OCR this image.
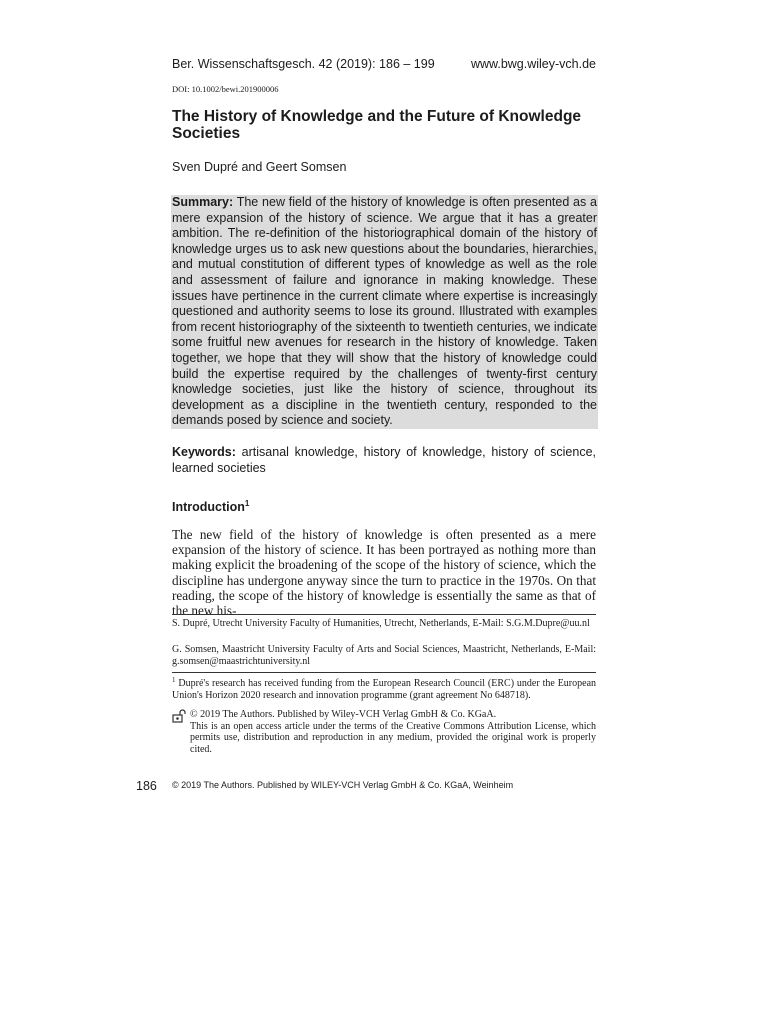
Ber. Wissenschaftsgesch. 42 (2019): 186 – 199	www.bwg.wiley-vch.de
DOI: 10.1002/bewi.201900006
The History of Knowledge and the Future of Knowledge Societies
Sven Dupré and Geert Somsen
Summary: The new field of the history of knowledge is often presented as a mere expansion of the history of science. We argue that it has a greater ambition. The re-definition of the historiographical domain of the history of knowledge urges us to ask new questions about the boundaries, hierarchies, and mutual constitution of different types of knowledge as well as the role and assessment of failure and ignorance in making knowledge. These issues have pertinence in the current climate where expertise is increasingly questioned and authority seems to lose its ground. Illustrated with examples from recent historiography of the sixteenth to twentieth centuries, we indicate some fruitful new avenues for research in the history of knowledge. Taken together, we hope that they will show that the history of knowledge could build the expertise required by the challenges of twenty-first century knowledge societies, just like the history of science, throughout its development as a discipline in the twentieth century, responded to the demands posed by science and society.
Keywords: artisanal knowledge, history of knowledge, history of science, learned societies
Introduction$^1$
The new field of the history of knowledge is often presented as a mere expansion of the history of science. It has been portrayed as nothing more than making explicit the broadening of the scope of the history of science, which the discipline has undergone anyway since the turn to practice in the 1970s. On that reading, the scope of the history of knowledge is essentially the same as that of the new his-
S. Dupré, Utrecht University Faculty of Humanities, Utrecht, Netherlands, E-Mail: S.G.M.Dupre@uu.nl
G. Somsen, Maastricht University Faculty of Arts and Social Sciences, Maastricht, Netherlands, E-Mail: g.somsen@maastrichtuniversity.nl
$^1$ Dupré's research has received funding from the European Research Council (ERC) under the European Union's Horizon 2020 research and innovation programme (grant agreement No 648718).
© 2019 The Authors. Published by Wiley-VCH Verlag GmbH & Co. KGaA.
This is an open access article under the terms of the Creative Commons Attribution License, which permits use, distribution and reproduction in any medium, provided the original work is properly cited.
186 © 2019 The Authors. Published by WILEY-VCH Verlag GmbH & Co. KGaA, Weinheim
